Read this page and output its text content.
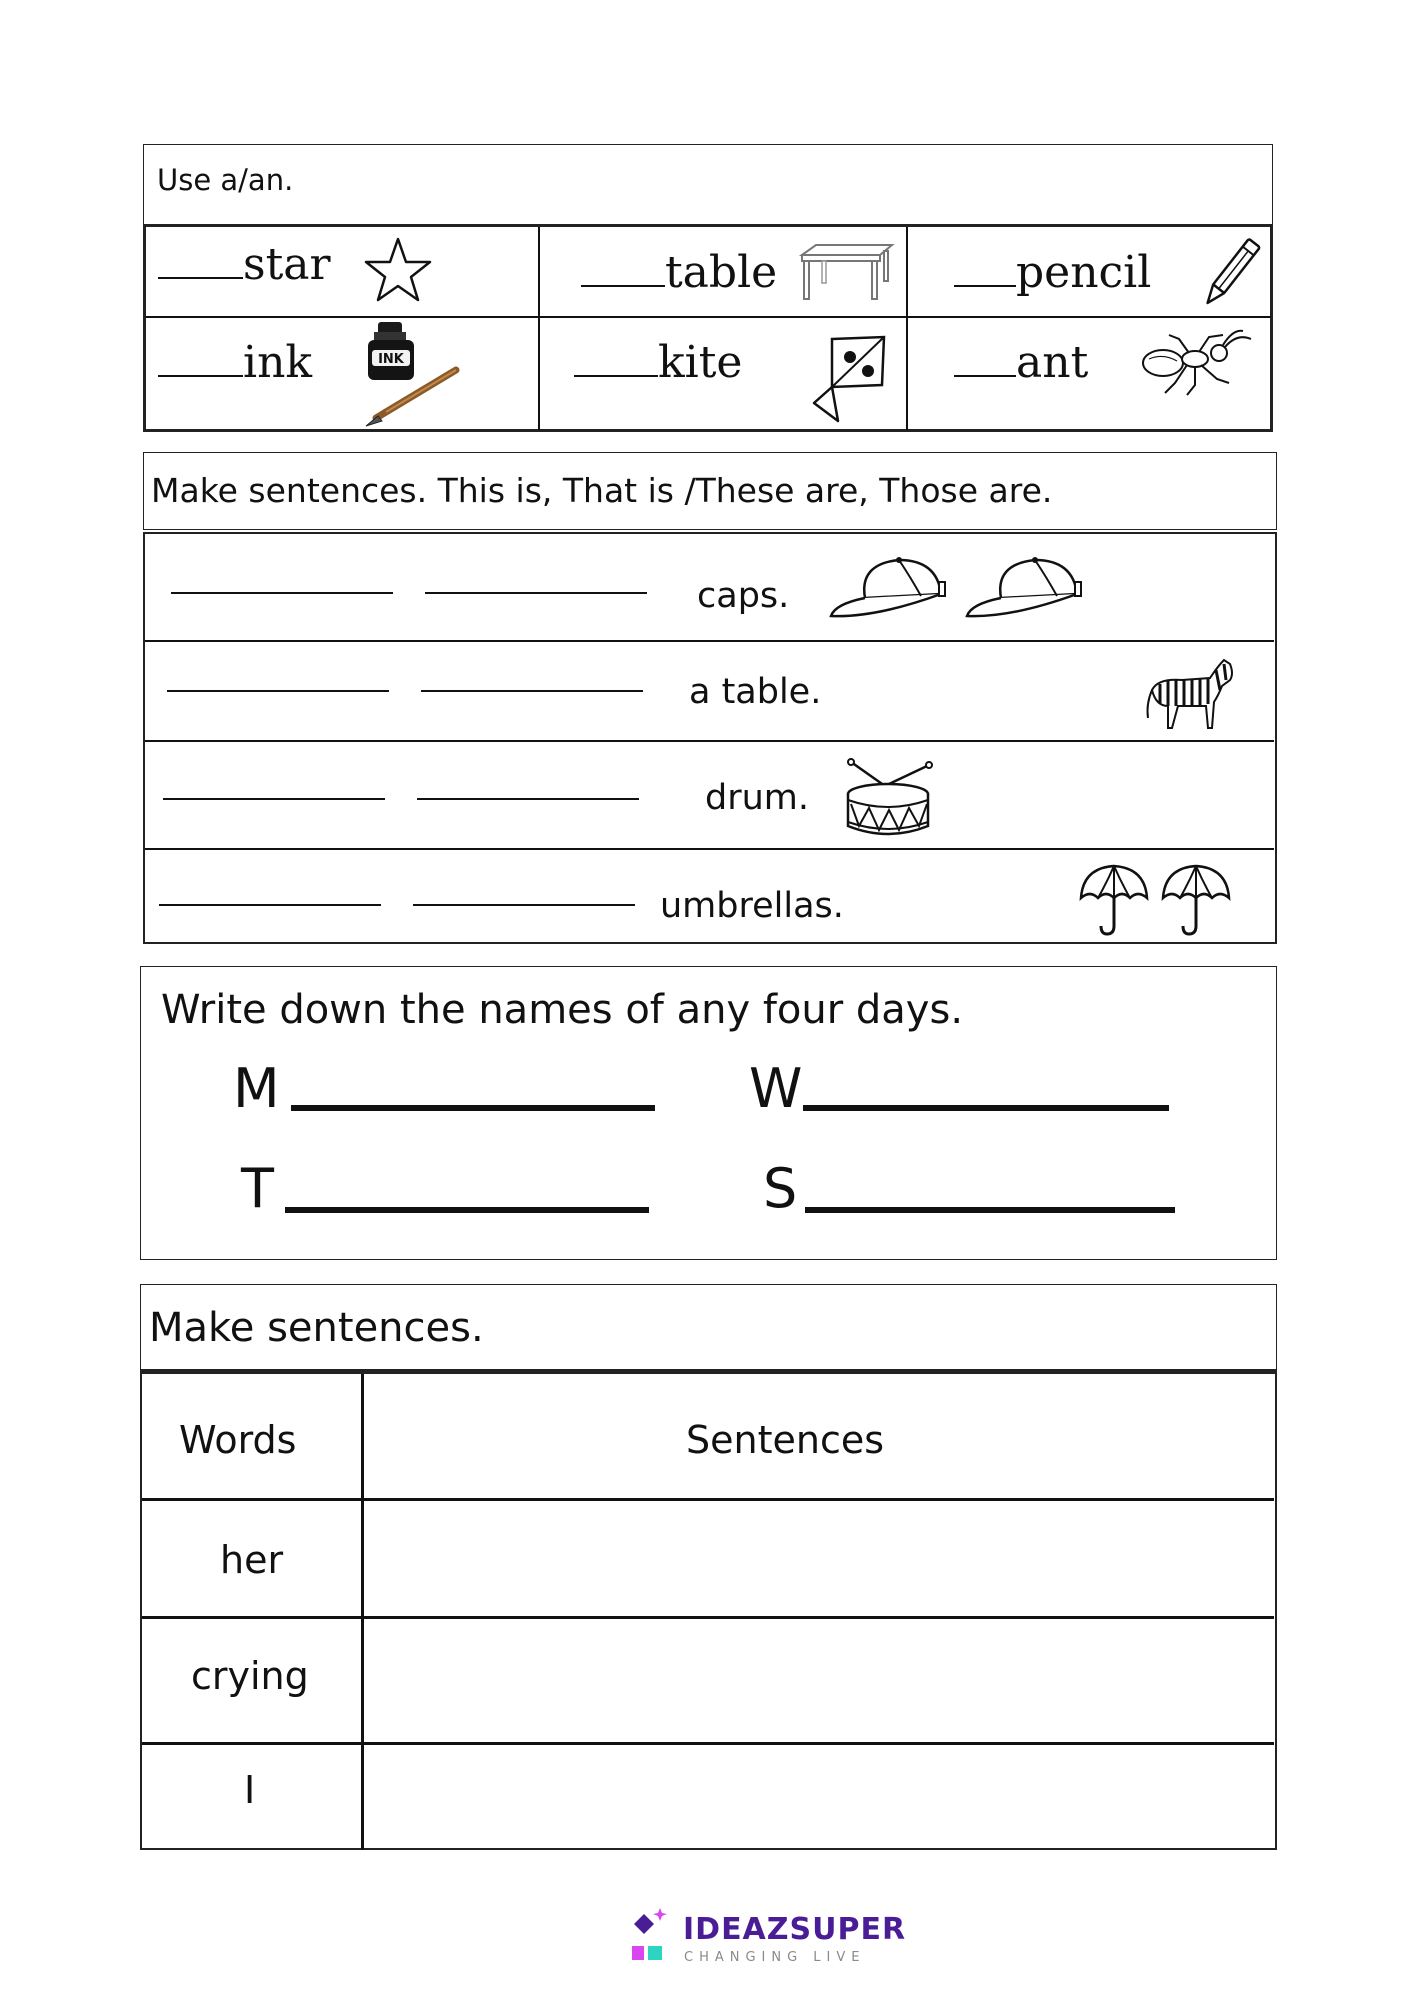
Use a/an.
star	table	pencil
ink	INK	kite	ant
Make sentences. This is, That is /These are, Those are.
caps.
a table.
drum.
umbrellas.
Write down the names of any four days.
M	W
T	S
Make sentences.
Words	Sentences
her
crying
I
IDEAZSUPER
CHANGING LIVE
